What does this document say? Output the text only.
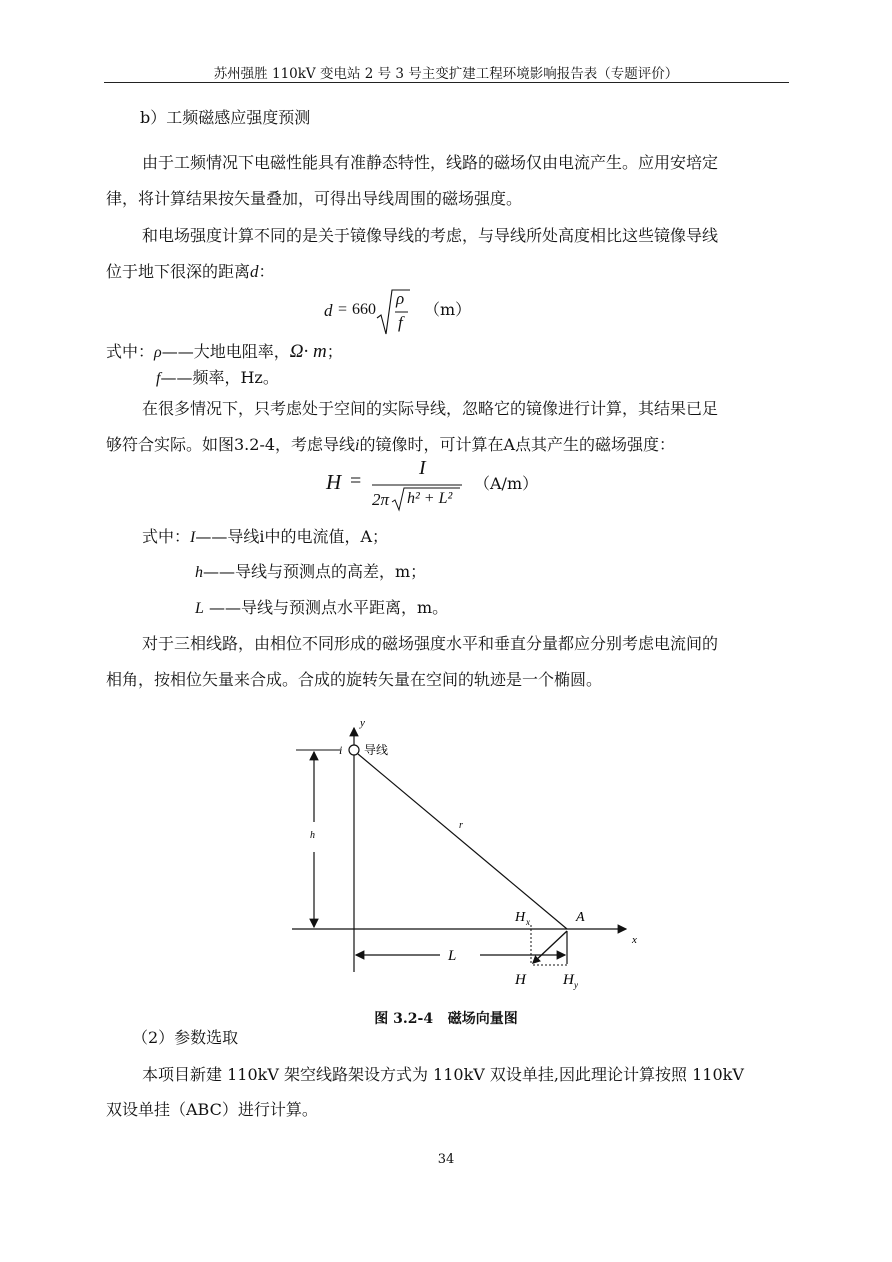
苏州强胜 110kV 变电站 2 号 3 号主变扩建工程环境影响报告表（专题评价）
b）工频磁感应强度预测
由于工频情况下电磁性能具有准静态特性，线路的磁场仅由电流产生。应用安培定
律，将计算结果按矢量叠加，可得出导线周围的磁场强度。
和电场强度计算不同的是关于镜像导线的考虑，与导线所处高度相比这些镜像导线
位于地下很深的距离d：
d = 660
ρ
f
（m）
式中：ρ——大地电阻率，Ω· m；
f——频率，Hz。
在很多情况下，只考虑处于空间的实际导线，忽略它的镜像进行计算，其结果已足
够符合实际。如图3.2-4，考虑导线i的镜像时，可计算在A点其产生的磁场强度：
H =
I
2π h² + L²
（A/m）
式中：I——导线i中的电流值，A；
h——导线与预测点的高差，m；
L ——导线与预测点水平距离，m。
对于三相线路，由相位不同形成的磁场强度水平和垂直分量都应分别考虑电流间的
相角，按相位矢量来合成。合成的旋转矢量在空间的轨迹是一个椭圆。
y
x
i 导线
h
r
L
A
H x
H H y
图 3.2-4   磁场向量图
（2）参数选取
本项目新建 110kV 架空线路架设方式为 110kV 双设单挂,因此理论计算按照 110kV
双设单挂（ABC）进行计算。
34
